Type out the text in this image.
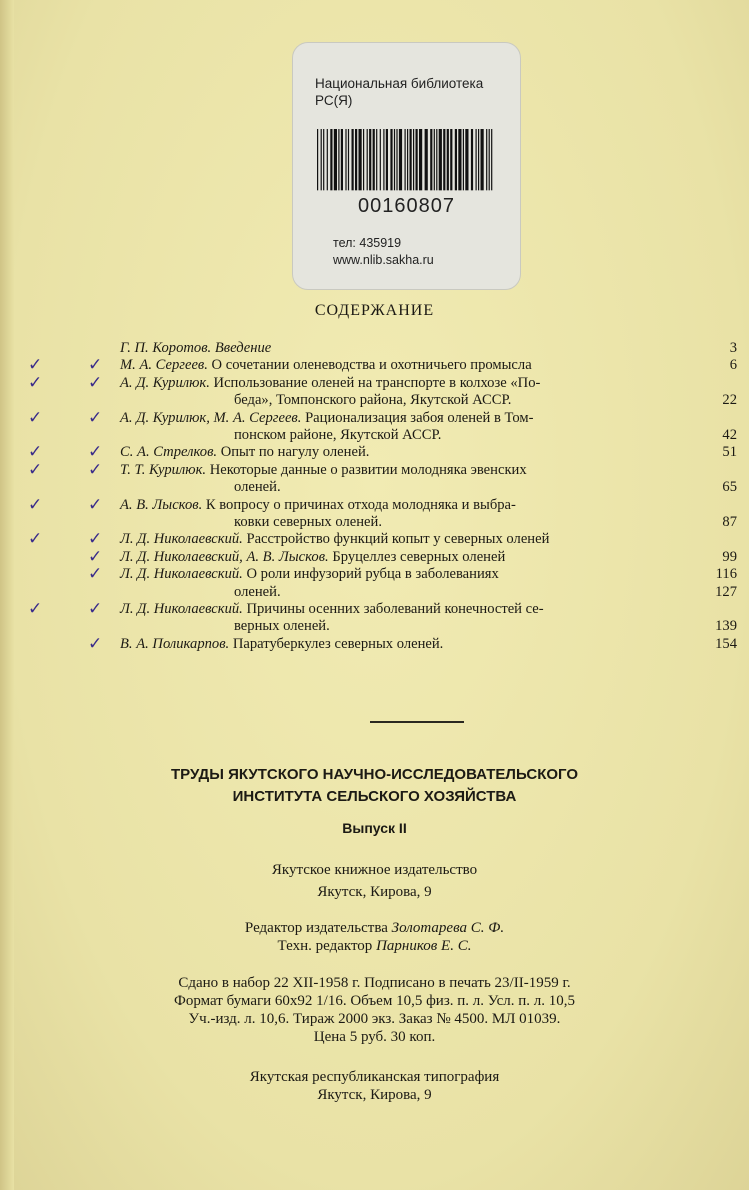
Национальная библиотека РС(Я)
00160807
тел: 435919
www.nlib.sakha.ru
СОДЕРЖАНИЕ
Г. П. Коротов. Введение	3
✓	✓ М. А. Сергеев. О сочетании оленеводства и охотничьего промысла	6
✓	✓ А. Д. Курилюк. Использование оленей на транспорте в колхозе «По-
беда», Томпонского района, Якутской АССР.	22
✓	✓ А. Д. Курилюк, М. А. Сергеев. Рационализация забоя оленей в Том-
понском районе, Якутской АССР.	42
✓	✓ С. А. Стрелков. Опыт по нагулу оленей.	51
✓	✓ Т. Т. Курилюк. Некоторые данные о развитии молодняка эвенских
оленей.	65
✓	✓ А. В. Лысков. К вопросу о причинах отхода молодняка и выбра-
ковки северных оленей.	87
✓	✓ Л. Д. Николаевский. Расстройство функций копыт у северных оленей
✓ Л. Д. Николаевский, А. В. Лысков. Бруцеллез северных оленей	99
✓ Л. Д. Николаевский. О роли инфузорий рубца в заболеваниях	116
оленей.	127
✓	✓ Л. Д. Николаевский. Причины осенних заболеваний конечностей се-
верных оленей.	139
✓ В. А. Поликарпов. Паратуберкулез северных оленей.	154
ТРУДЫ ЯКУТСКОГО НАУЧНО-ИССЛЕДОВАТЕЛЬСКОГО
ИНСТИТУТА СЕЛЬСКОГО ХОЗЯЙСТВА
Выпуск II
Якутское книжное издательство
Якутск, Кирова, 9
Редактор издательства Золотарева С. Ф.
Техн. редактор Парников Е. С.
Сдано в набор 22 XII-1958 г. Подписано в печать 23/II-1959 г.
Формат бумаги 60x92 1/16. Объем 10,5 физ. п. л. Усл. п. л. 10,5
Уч.-изд. л. 10,6. Тираж 2000 экз. Заказ № 4500. МЛ 01039.
Цена 5 руб. 30 коп.
Якутская республиканская типография
Якутск, Кирова, 9
